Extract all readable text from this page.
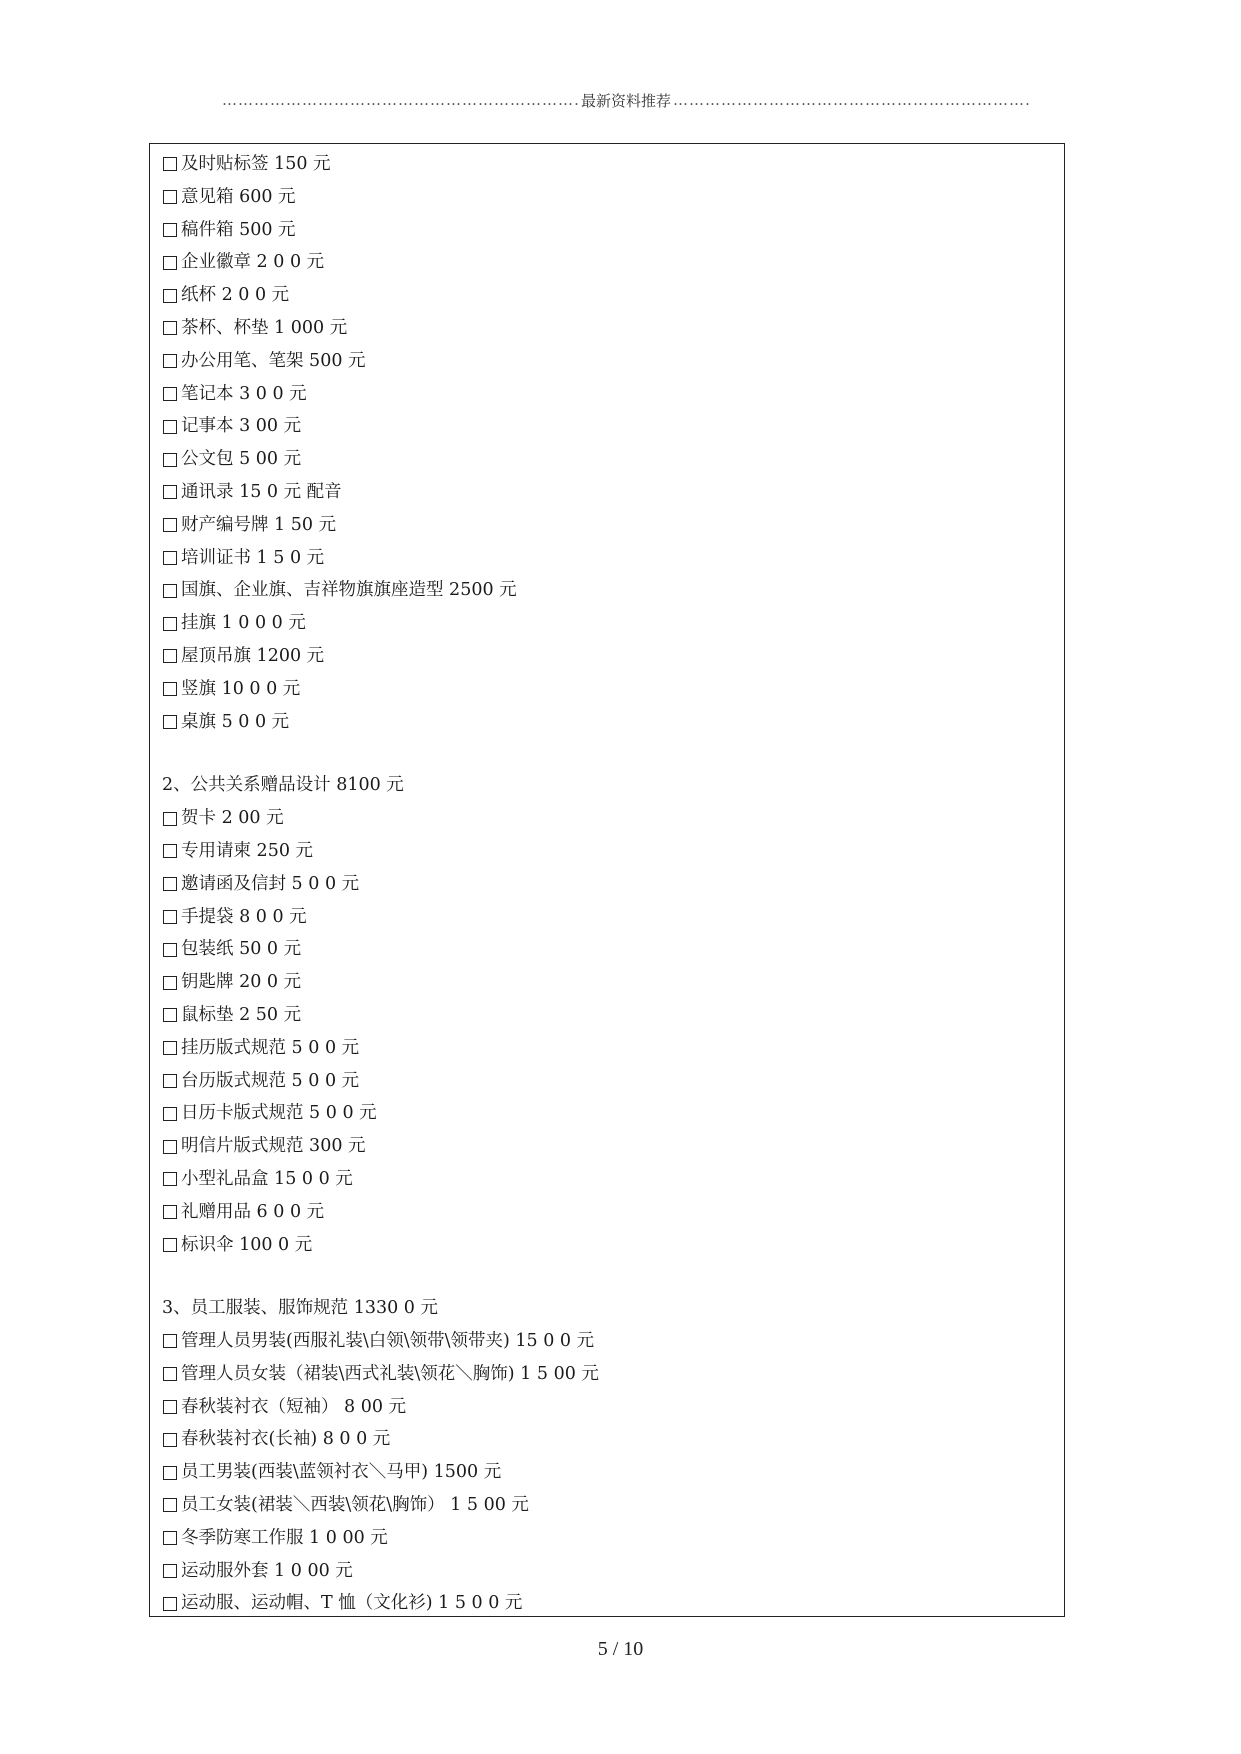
…………………………………………………………………………………………………………………………………………………
最新资料推荐
…………………………………………………………………………………………………………………………………………………
及时贴标签 150 元
意见箱 600 元
稿件箱 500 元
企业徽章 2 0 0 元
纸杯 2 0 0 元
茶杯、杯垫 1 000 元
办公用笔、笔架 500 元
笔记本 3 0 0 元
记事本 3 00 元
公文包 5 00 元
通讯录 15 0 元 配音
财产编号牌 1 50 元
培训证书 1 5 0 元
国旗、企业旗、吉祥物旗旗座造型 2500 元
挂旗 1 0 0 0 元
屋顶吊旗 1200 元
竖旗 10 0 0 元
桌旗 5 0 0 元
2、公共关系赠品设计 8100 元
贺卡 2 00 元
专用请柬 250 元
邀请函及信封 5 0 0 元
手提袋 8 0 0 元
包装纸 50 0 元
钥匙牌 20 0 元
鼠标垫 2 50 元
挂历版式规范 5 0 0 元
台历版式规范 5 0 0 元
日历卡版式规范 5 0 0 元
明信片版式规范 300 元
小型礼品盒 15 0 0 元
礼赠用品 6 0 0 元
标识伞 100 0 元
3、员工服装、服饰规范 1330 0 元
管理人员男装(西服礼装\白领\领带\领带夹) 15 0 0 元
管理人员女装（裙装\西式礼装\领花＼胸饰) 1 5 00 元
春秋装衬衣（短袖） 8 00 元
春秋装衬衣(长袖) 8 0 0 元
员工男装(西装\蓝领衬衣＼马甲) 1500 元
员工女装(裙装＼西装\领花\胸饰） 1 5 00 元
冬季防寒工作服 1 0 00 元
运动服外套 1 0 00 元
运动服、运动帽、T 恤（文化衫) 1 5 0 0 元
5 / 10
